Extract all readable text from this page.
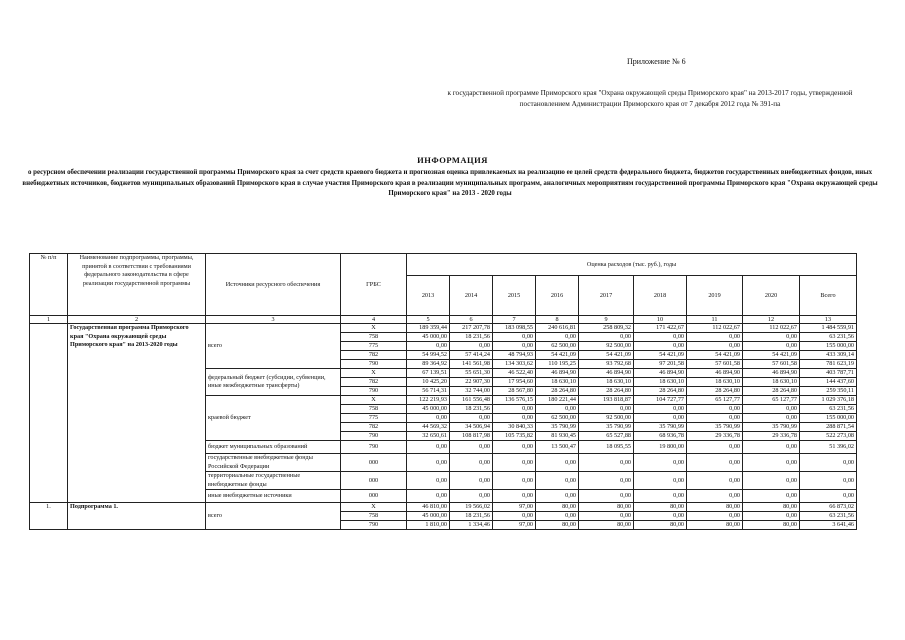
Приложение № 6
к государственной программе Приморского края "Охрана окружающей среды Приморского края" на 2013-2017 годы, утвержденной постановлением Администрации Приморского края от 7 декабря 2012 года № 391-па
ИНФОРМАЦИЯ
о ресурсном обеспечении реализации государственной программы Приморского края за счет средств краевого бюджета и прогнозная оценка привлекаемых на реализацию ее целей средств федерального бюджета, бюджетов государственных внебюджетных фондов, иных внебюджетных источников, бюджетов муниципальных образований Приморского края в случае участия Приморского края в реализации муниципальных программ, аналогичных мероприятиям государственной программы Приморского края "Охрана окружающей среды Приморского края" на 2013 - 2020 годы
№ п/п	Наименование подпрограммы, программы, принятой в соответствии с требованиями федерального законодательства в сфере реализации государственной программы	Источники ресурсного обеспечения	ГРБС	Оценка расходов (тыс. руб.), годы								
				2013	2014	2015	2016	2017	2018	2019	2020	Всего
1	2	3	4	5	6	7	8	9	10	11	12	13
	Государственная программа Приморского края "Охрана окружающей среды Приморского края" на 2013-2020 годы	всего	X	189 359,44	217 207,78	183 098,55	240 616,81	258 809,32	171 422,67	112 022,67	112 022,67	1 484 559,91
			758	45 000,00	18 231,56	0,00	0,00	0,00	0,00	0,00	0,00	63 231,56
			775	0,00	0,00	0,00	62 500,00	92 500,00	0,00	0,00	0,00	155 000,00
			782	54 994,52	57 414,24	48 794,93	54 421,09	54 421,09	54 421,09	54 421,09	54 421,09	433 309,14
			790	89 364,92	141 561,98	134 303,62	110 195,25	93 792,68	97 201,58	57 601,58	57 601,58	781 623,19
		федеральный бюджет (субсидии, субвенции, иные межбюджетные трансферты)	X	67 139,51	55 651,30	46 522,40	46 894,90	46 894,90	46 894,90	46 894,90	46 894,90	403 787,71
			782	10 425,20	22 907,30	17 954,60	18 630,10	18 630,10	18 630,10	18 630,10	18 630,10	144 437,60
			790	56 714,31	32 744,00	28 567,80	28 264,80	28 264,80	28 264,80	28 264,80	28 264,80	259 350,11
		краевой бюджет	X	122 219,93	161 556,48	136 576,15	180 221,44	193 818,87	104 727,77	65 127,77	65 127,77	1 029 376,18
			758	45 000,00	18 231,56	0,00	0,00	0,00	0,00	0,00	0,00	63 231,56
			775	0,00	0,00	0,00	62 500,00	92 500,00	0,00	0,00	0,00	155 000,00
			782	44 569,32	34 506,94	30 840,33	35 790,99	35 790,99	35 790,99	35 790,99	35 790,99	288 871,54
			790	32 650,61	108 817,98	105 735,82	81 930,45	65 527,88	68 936,78	29 336,78	29 336,78	522 273,08
		бюджет муниципальных образований	790	0,00	0,00	0,00	13 500,47	18 095,55	19 800,00	0,00	0,00	51 396,02
		государственные внебюджетные фонды Российской Федерации	000	0,00	0,00	0,00	0,00	0,00	0,00	0,00	0,00	0,00
		территориальные государственные внебюджетные фонды	000	0,00	0,00	0,00	0,00	0,00	0,00	0,00	0,00	0,00
		иные внебюджетные источники	000	0,00	0,00	0,00	0,00	0,00	0,00	0,00	0,00	0,00
1.	Подпрограмма 1.	всего	X	46 810,00	19 566,02	97,00	80,00	80,00	80,00	80,00	80,00	66 873,02
			758	45 000,00	18 231,56	0,00	0,00	0,00	0,00	0,00	0,00	63 231,56
			790	1 810,00	1 334,46	97,00	80,00	80,00	80,00	80,00	80,00	3 641,46
